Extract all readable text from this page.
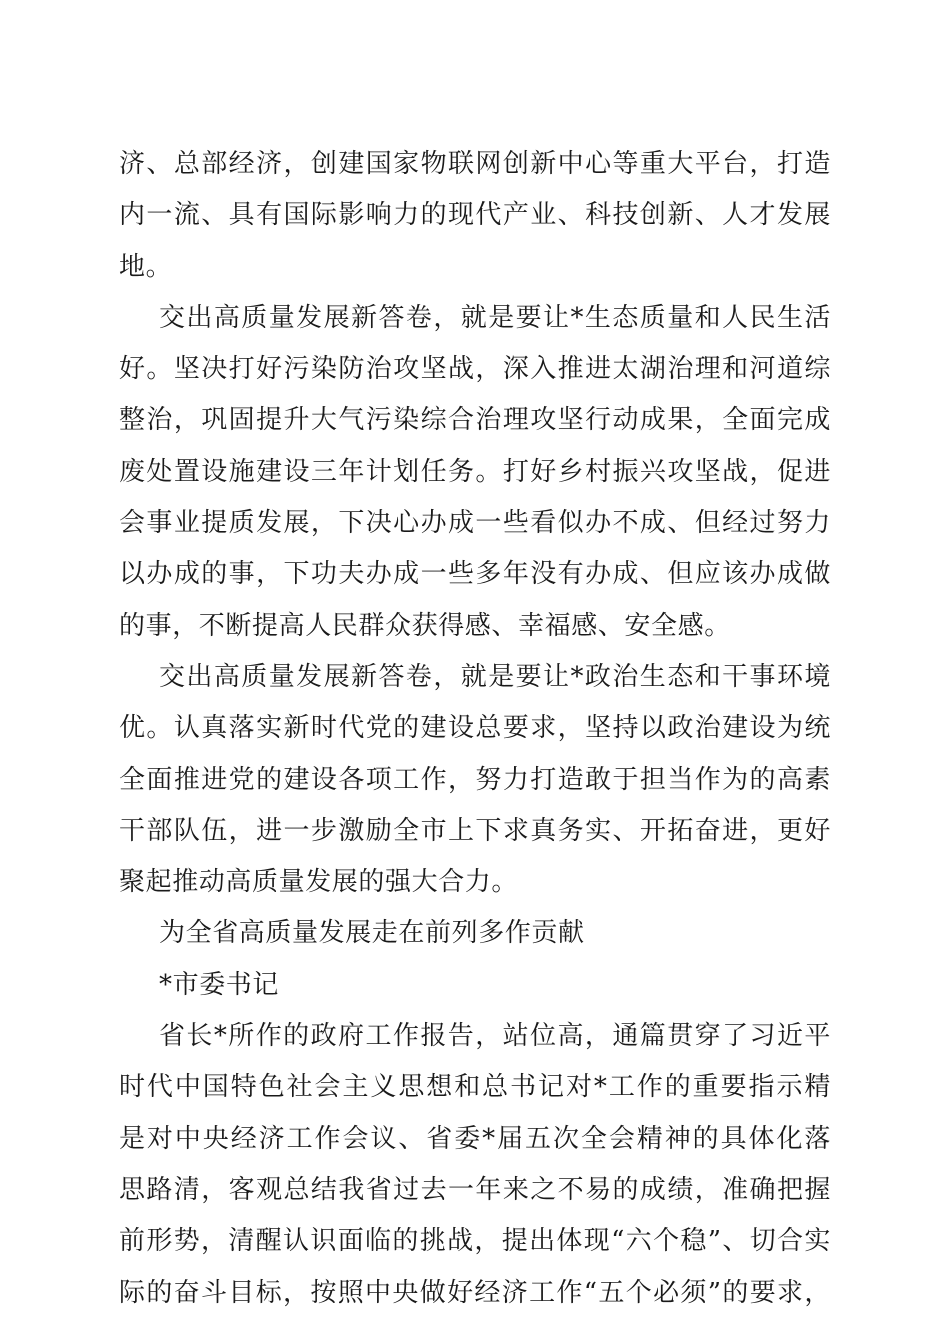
济、总部经济，创建国家物联网创新中心等重大平台，打造
内一流、具有国际影响力的现代产业、科技创新、人才发展
地。
交出高质量发展新答卷，就是要让*生态质量和人民生活
好。坚决打好污染防治攻坚战，深入推进太湖治理和河道综
整治，巩固提升大气污染综合治理攻坚行动成果，全面完成
废处置设施建设三年计划任务。打好乡村振兴攻坚战，促进
会事业提质发展，下决心办成一些看似办不成、但经过努力
以办成的事，下功夫办成一些多年没有办成、但应该办成做
的事，不断提高人民群众获得感、幸福感、安全感。
交出高质量发展新答卷，就是要让*政治生态和干事环境
优。认真落实新时代党的建设总要求，坚持以政治建设为统
全面推进党的建设各项工作，努力打造敢于担当作为的高素
干部队伍，进一步激励全市上下求真务实、开拓奋进，更好
聚起推动高质量发展的强大合力。
为全省高质量发展走在前列多作贡献
*市委书记
省长*所作的政府工作报告，站位高，通篇贯穿了习近平
时代中国特色社会主义思想和总书记对*工作的重要指示精
是对中央经济工作会议、省委*届五次全会精神的具体化落
思路清，客观总结我省过去一年来之不易的成绩，准确把握
前形势，清醒认识面临的挑战，提出体现“六个稳”、切合实
际的奋斗目标，按照中央做好经济工作“五个必须”的要求，
